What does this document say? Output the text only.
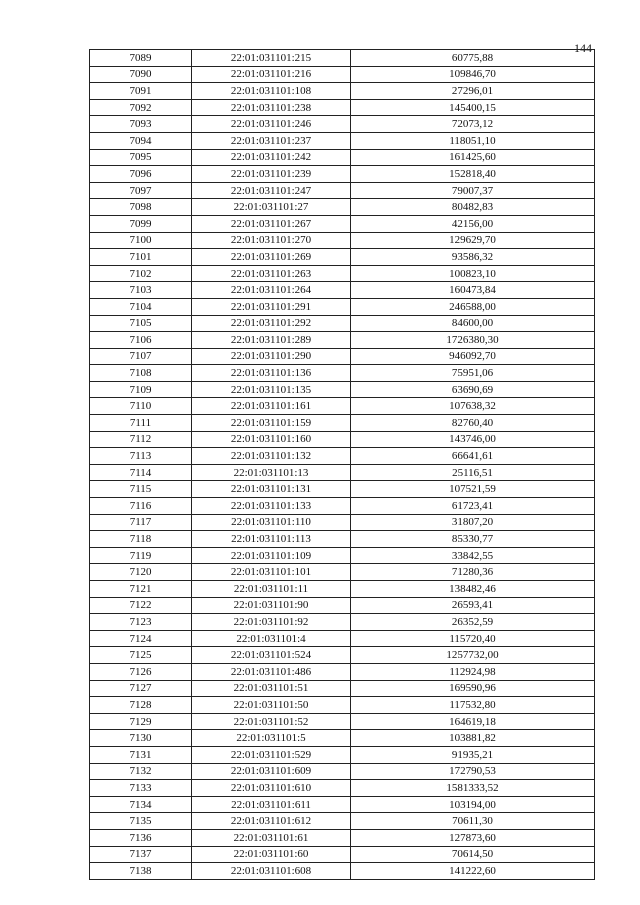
144
7089	22:01:031101:215	60775,88
7090	22:01:031101:216	109846,70
7091	22:01:031101:108	27296,01
7092	22:01:031101:238	145400,15
7093	22:01:031101:246	72073,12
7094	22:01:031101:237	118051,10
7095	22:01:031101:242	161425,60
7096	22:01:031101:239	152818,40
7097	22:01:031101:247	79007,37
7098	22:01:031101:27	80482,83
7099	22:01:031101:267	42156,00
7100	22:01:031101:270	129629,70
7101	22:01:031101:269	93586,32
7102	22:01:031101:263	100823,10
7103	22:01:031101:264	160473,84
7104	22:01:031101:291	246588,00
7105	22:01:031101:292	84600,00
7106	22:01:031101:289	1726380,30
7107	22:01:031101:290	946092,70
7108	22:01:031101:136	75951,06
7109	22:01:031101:135	63690,69
7110	22:01:031101:161	107638,32
7111	22:01:031101:159	82760,40
7112	22:01:031101:160	143746,00
7113	22:01:031101:132	66641,61
7114	22:01:031101:13	25116,51
7115	22:01:031101:131	107521,59
7116	22:01:031101:133	61723,41
7117	22:01:031101:110	31807,20
7118	22:01:031101:113	85330,77
7119	22:01:031101:109	33842,55
7120	22:01:031101:101	71280,36
7121	22:01:031101:11	138482,46
7122	22:01:031101:90	26593,41
7123	22:01:031101:92	26352,59
7124	22:01:031101:4	115720,40
7125	22:01:031101:524	1257732,00
7126	22:01:031101:486	112924,98
7127	22:01:031101:51	169590,96
7128	22:01:031101:50	117532,80
7129	22:01:031101:52	164619,18
7130	22:01:031101:5	103881,82
7131	22:01:031101:529	91935,21
7132	22:01:031101:609	172790,53
7133	22:01:031101:610	1581333,52
7134	22:01:031101:611	103194,00
7135	22:01:031101:612	70611,30
7136	22:01:031101:61	127873,60
7137	22:01:031101:60	70614,50
7138	22:01:031101:608	141222,60
